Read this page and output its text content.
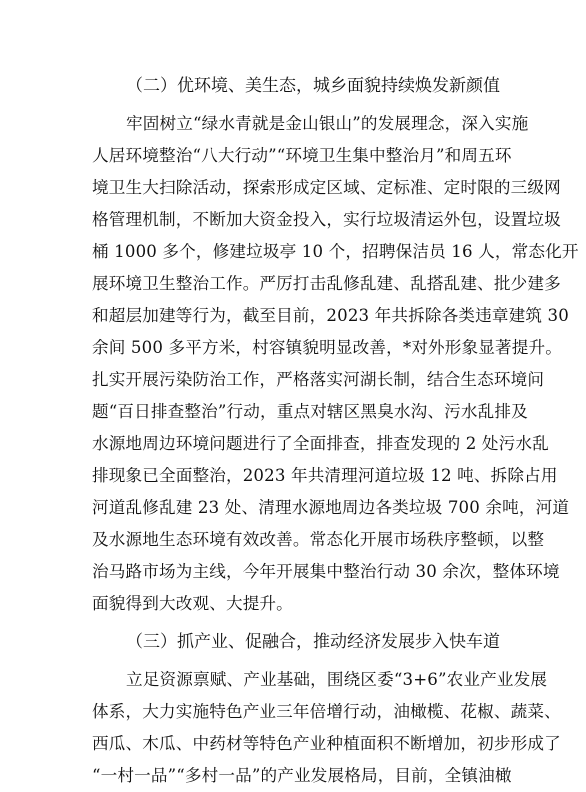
（二）优环境、美生态，城乡面貌持续焕发新颜值

牢固树立“绿水青就是金山银山”的发展理念，深入实施

人居环境整治“八大行动”“环境卫生集中整治月”和周五环

境卫生大扫除活动，探索形成定区域、定标准、定时限的三级网

格管理机制，不断加大资金投入，实行垃圾清运外包，设置垃圾

桶 1000 多个，修建垃圾亭 10 个，招聘保洁员 16 人，常态化开

展环境卫生整治工作。严厉打击乱修乱建、乱搭乱建、批少建多

和超层加建等行为，截至目前，2023 年共拆除各类违章建筑 30

余间 500 多平方米，村容镇貌明显改善，*对外形象显著提升。

扎实开展污染防治工作，严格落实河湖长制，结合生态环境问

题“百日排查整治”行动，重点对辖区黑臭水沟、污水乱排及

水源地周边环境问题进行了全面排查，排查发现的 2 处污水乱

排现象已全面整治，2023 年共清理河道垃圾 12 吨、拆除占用

河道乱修乱建 23 处、清理水源地周边各类垃圾 700 余吨，河道

及水源地生态环境有效改善。常态化开展市场秩序整顿，以整

治马路市场为主线，今年开展集中整治行动 30 余次，整体环境

面貌得到大改观、大提升。

（三）抓产业、促融合，推动经济发展步入快车道

立足资源禀赋、产业基础，围绕区委“3+6”农业产业发展

体系，大力实施特色产业三年倍增行动，油橄榄、花椒、蔬菜、

西瓜、木瓜、中药材等特色产业种植面积不断增加，初步形成了

“一村一品”“多村一品”的产业发展格局，目前，全镇油橄
